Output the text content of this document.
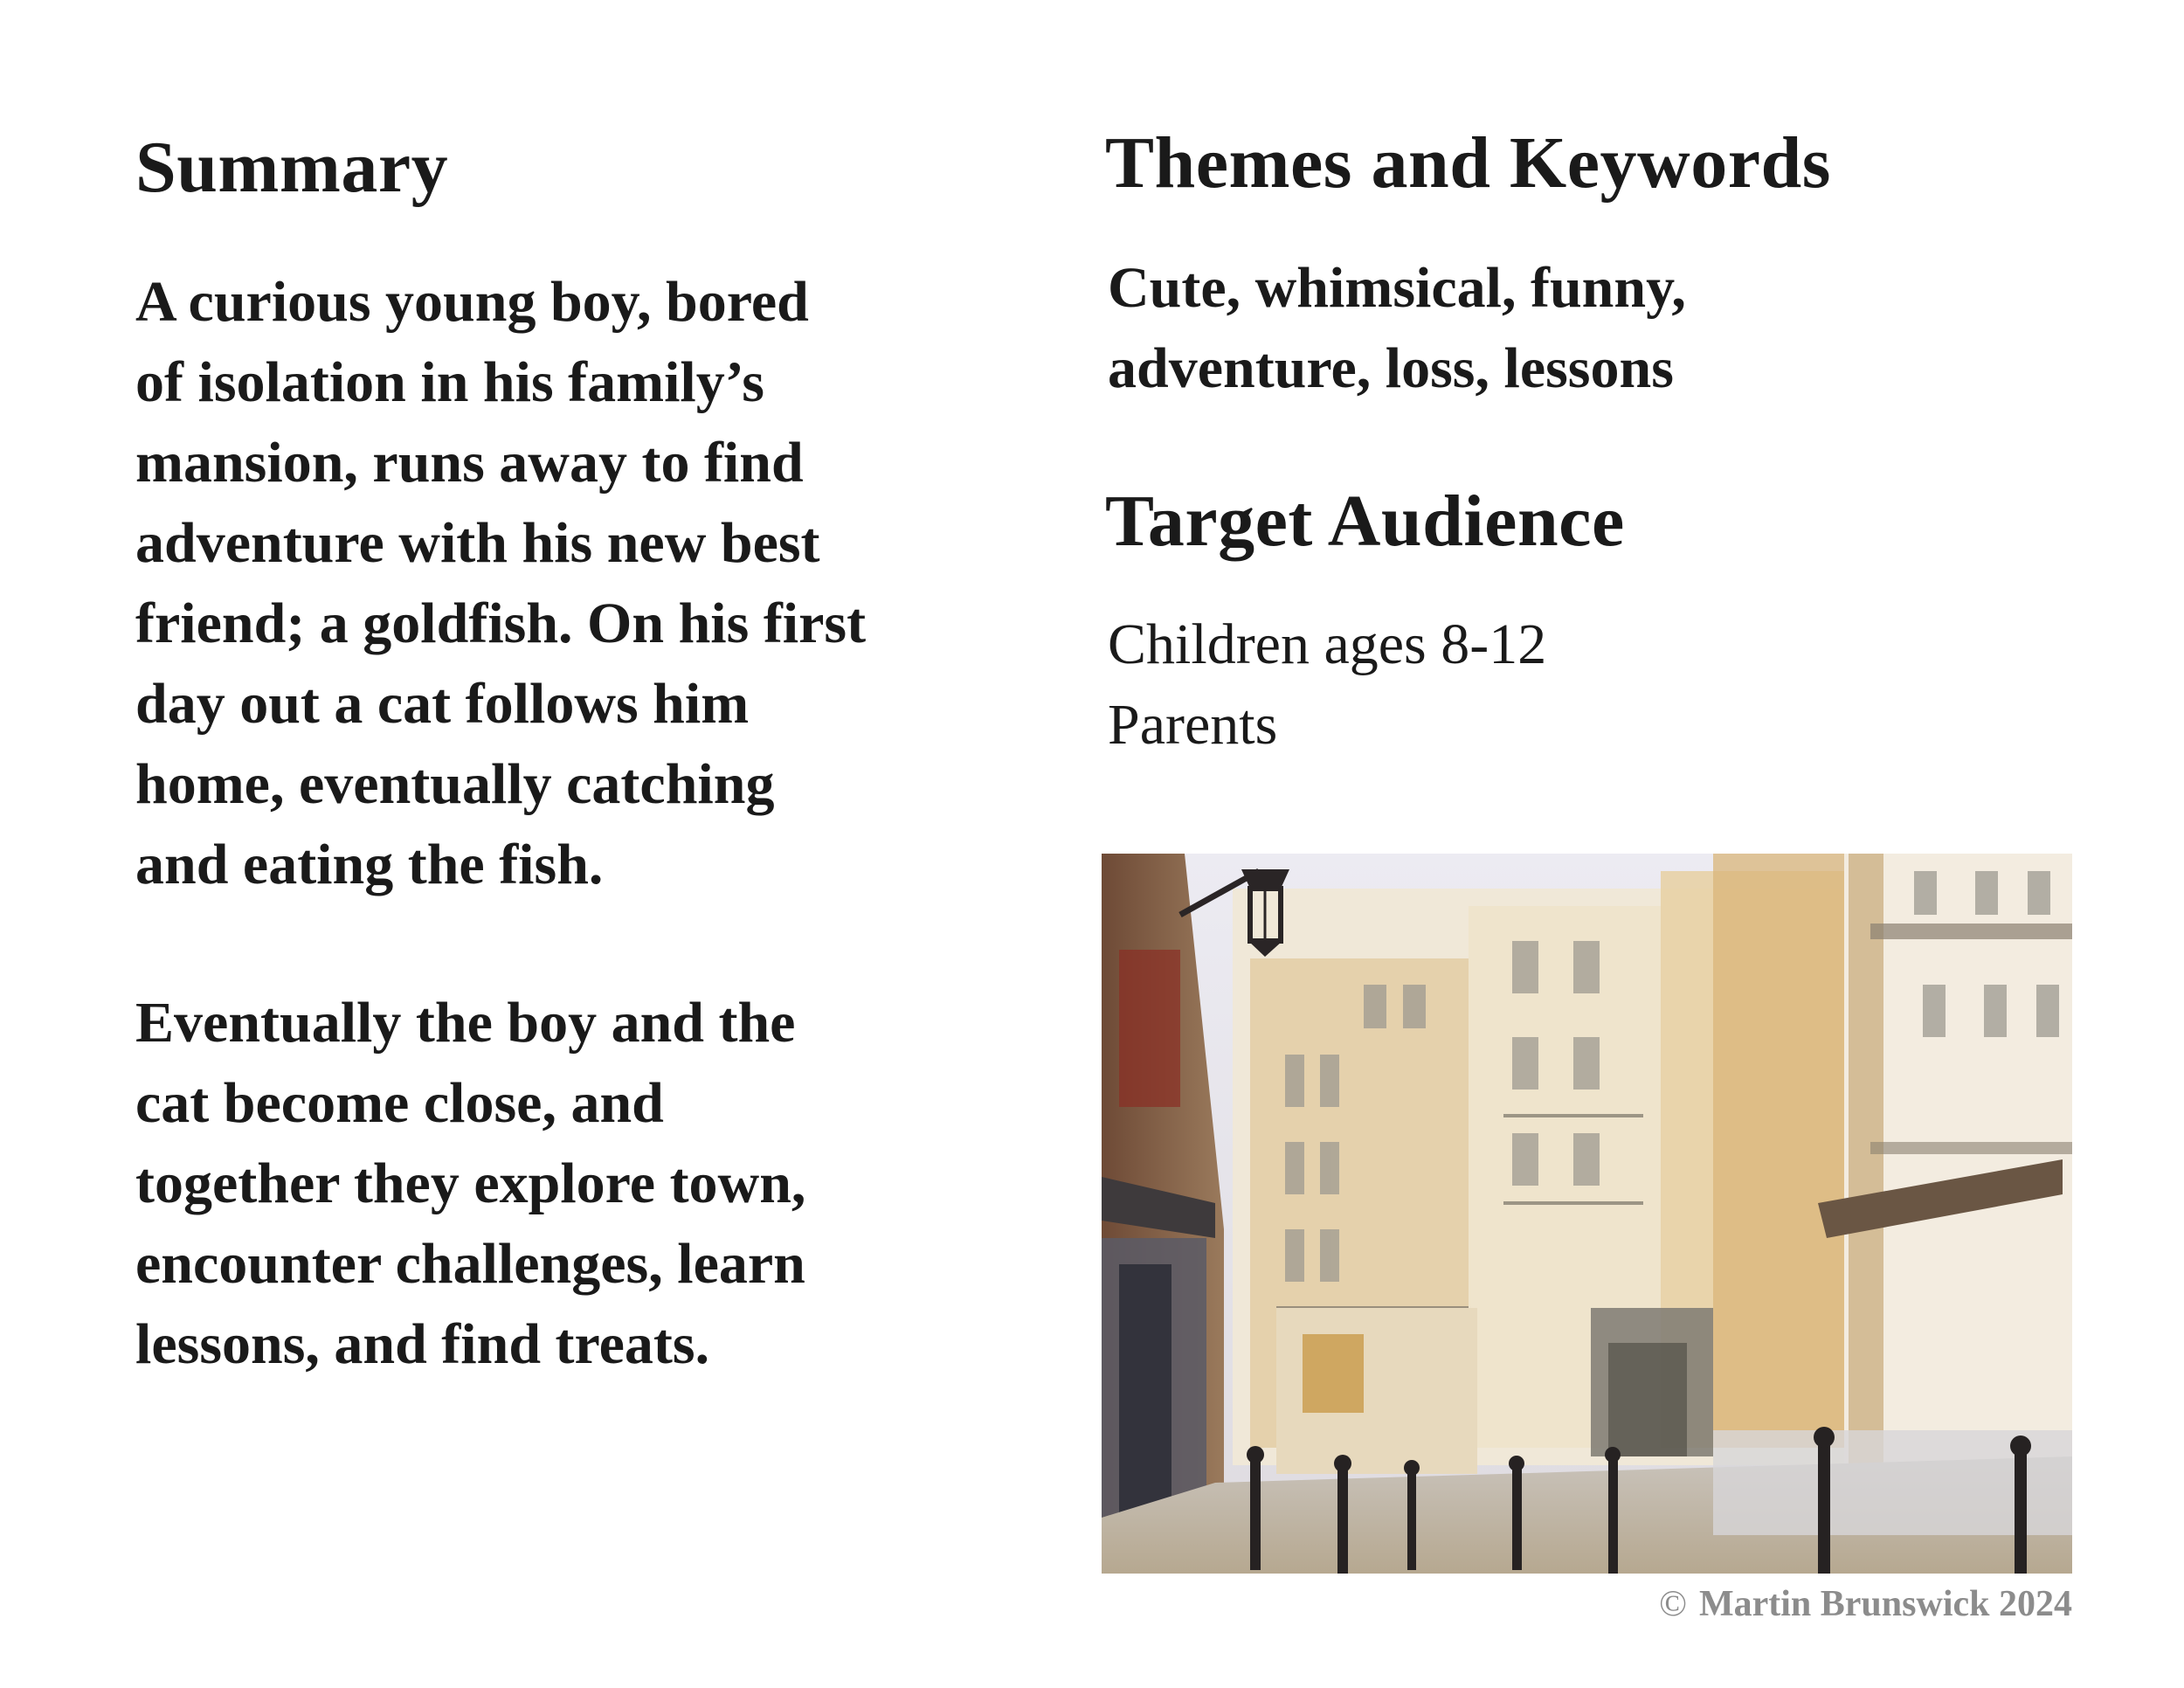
Summary

A curious young boy, bored
of isolation in his family’s
mansion, runs away to find
adventure with his new best
friend; a goldfish. On his first
day out a cat follows him
home, eventually catching
and eating the fish.

Eventually the boy and the
cat become close, and
together they explore town,
encounter challenges, learn
lessons, and find treats.

Themes and Keywords

Cute, whimsical, funny,
adventure, loss, lessons

Target Audience

Children ages 8-12
Parents

© Martin Brunswick 2024
